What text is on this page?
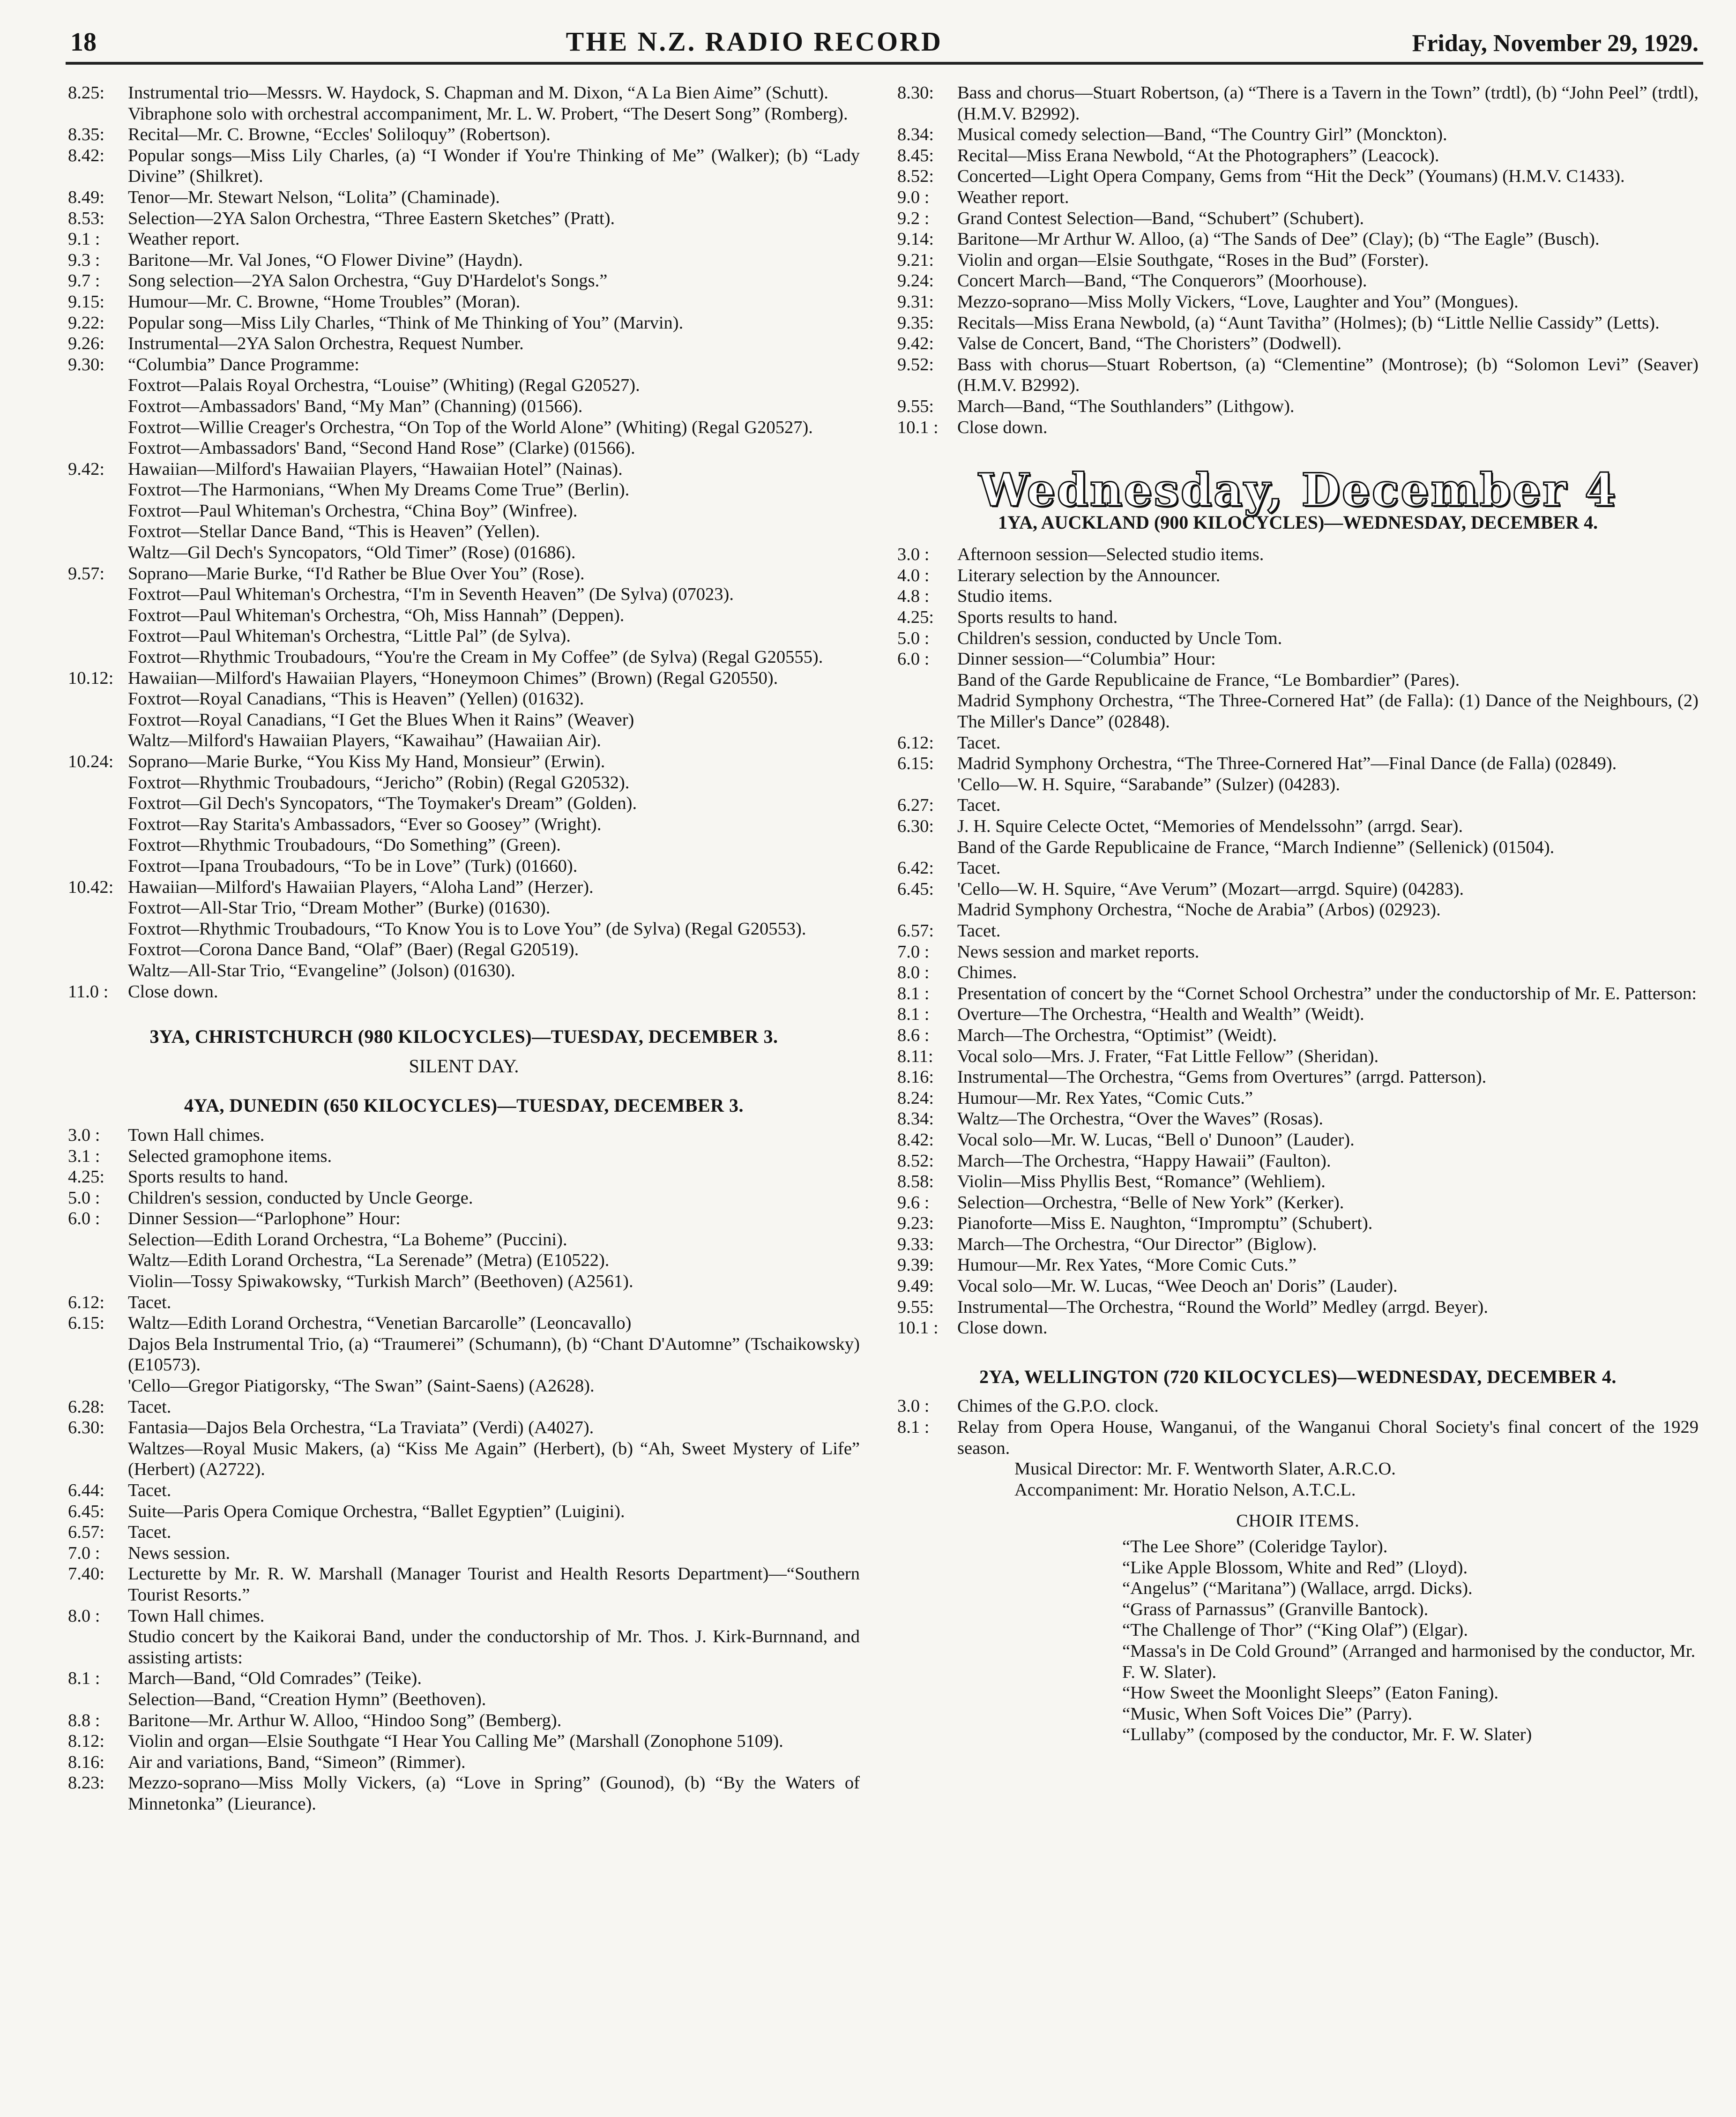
18	THE N.Z. RADIO RECORD	Friday, November 29, 1929.
8.25:	Instrumental trio—Messrs. W. Haydock, S. Chapman and M. Dixon, “A La Bien Aime” (Schutt).
Vibraphone solo with orchestral accompaniment, Mr. L. W. Probert, “The Desert Song” (Romberg).
8.35:	Recital—Mr. C. Browne, “Eccles' Soliloquy” (Robertson).
8.42:	Popular songs—Miss Lily Charles, (a) “I Wonder if You're Thinking of Me” (Walker); (b) “Lady Divine” (Shilkret).
8.49:	Tenor—Mr. Stewart Nelson, “Lolita” (Chaminade).
8.53:	Selection—2YA Salon Orchestra, “Three Eastern Sketches” (Pratt).
9.1 :	Weather report.
9.3 :	Baritone—Mr. Val Jones, “O Flower Divine” (Haydn).
9.7 :	Song selection—2YA Salon Orchestra, “Guy D'Hardelot's Songs.”
9.15:	Humour—Mr. C. Browne, “Home Troubles” (Moran).
9.22:	Popular song—Miss Lily Charles, “Think of Me Thinking of You” (Marvin).
9.26:	Instrumental—2YA Salon Orchestra, Request Number.
9.30:	“Columbia” Dance Programme:
Foxtrot—Palais Royal Orchestra, “Louise” (Whiting) (Regal G20527).
Foxtrot—Ambassadors' Band, “My Man” (Channing) (01566).
Foxtrot—Willie Creager's Orchestra, “On Top of the World Alone” (Whiting) (Regal G20527).
Foxtrot—Ambassadors' Band, “Second Hand Rose” (Clarke) (01566).
9.42:	Hawaiian—Milford's Hawaiian Players, “Hawaiian Hotel” (Nainas).
Foxtrot—The Harmonians, “When My Dreams Come True” (Berlin).
Foxtrot—Paul Whiteman's Orchestra, “China Boy” (Winfree).
Foxtrot—Stellar Dance Band, “This is Heaven” (Yellen).
Waltz—Gil Dech's Syncopators, “Old Timer” (Rose) (01686).
9.57:	Soprano—Marie Burke, “I'd Rather be Blue Over You” (Rose).
Foxtrot—Paul Whiteman's Orchestra, “I'm in Seventh Heaven” (De Sylva) (07023).
Foxtrot—Paul Whiteman's Orchestra, “Oh, Miss Hannah” (Deppen).
Foxtrot—Paul Whiteman's Orchestra, “Little Pal” (de Sylva).
Foxtrot—Rhythmic Troubadours, “You're the Cream in My Coffee” (de Sylva) (Regal G20555).
10.12: Hawaiian—Milford's Hawaiian Players, “Honeymoon Chimes” (Brown) (Regal G20550).
Foxtrot—Royal Canadians, “This is Heaven” (Yellen) (01632).
Foxtrot—Royal Canadians, “I Get the Blues When it Rains” (Weaver)
Waltz—Milford's Hawaiian Players, “Kawaihau” (Hawaiian Air).
10.24: Soprano—Marie Burke, “You Kiss My Hand, Monsieur” (Erwin).
Foxtrot—Rhythmic Troubadours, “Jericho” (Robin) (Regal G20532).
Foxtrot—Gil Dech's Syncopators, “The Toymaker's Dream” (Golden).
Foxtrot—Ray Starita's Ambassadors, “Ever so Goosey” (Wright).
Foxtrot—Rhythmic Troubadours, “Do Something” (Green).
Foxtrot—Ipana Troubadours, “To be in Love” (Turk) (01660).
10.42: Hawaiian—Milford's Hawaiian Players, “Aloha Land” (Herzer).
Foxtrot—All-Star Trio, “Dream Mother” (Burke) (01630).
Foxtrot—Rhythmic Troubadours, “To Know You is to Love You” (de Sylva) (Regal G20553).
Foxtrot—Corona Dance Band, “Olaf” (Baer) (Regal G20519).
Waltz—All-Star Trio, “Evangeline” (Jolson) (01630).
11.0 :	Close down.
3YA, CHRISTCHURCH (980 KILOCYCLES)—TUESDAY, DECEMBER 3.
SILENT DAY.
4YA, DUNEDIN (650 KILOCYCLES)—TUESDAY, DECEMBER 3.
3.0 :	Town Hall chimes.
3.1 :	Selected gramophone items.
4.25:	Sports results to hand.
5.0 :	Children's session, conducted by Uncle George.
6.0 :	Dinner Session—“Parlophone” Hour:
Selection—Edith Lorand Orchestra, “La Boheme” (Puccini).
Waltz—Edith Lorand Orchestra, “La Serenade” (Metra) (E10522).
Violin—Tossy Spiwakowsky, “Turkish March” (Beethoven) (A2561).
6.12:	Tacet.
6.15:	Waltz—Edith Lorand Orchestra, “Venetian Barcarolle” (Leoncavallo)
Dajos Bela Instrumental Trio, (a) “Traumerei” (Schumann), (b) “Chant D'Automne” (Tschaikowsky) (E10573).
'Cello—Gregor Piatigorsky, “The Swan” (Saint-Saens) (A2628).
6.28:	Tacet.
6.30:	Fantasia—Dajos Bela Orchestra, “La Traviata” (Verdi) (A4027).
Waltzes—Royal Music Makers, (a) “Kiss Me Again” (Herbert), (b) “Ah, Sweet Mystery of Life” (Herbert) (A2722).
6.44:	Tacet.
6.45:	Suite—Paris Opera Comique Orchestra, “Ballet Egyptien” (Luigini).
6.57:	Tacet.
7.0 :	News session.
7.40:	Lecturette by Mr. R. W. Marshall (Manager Tourist and Health Resorts Department)—“Southern Tourist Resorts.”
8.0 :	Town Hall chimes.
Studio concert by the Kaikorai Band, under the conductorship of Mr. Thos. J. Kirk-Burnnand, and assisting artists:
8.1 :	March—Band, “Old Comrades” (Teike).
Selection—Band, “Creation Hymn” (Beethoven).
8.8 :	Baritone—Mr. Arthur W. Alloo, “Hindoo Song” (Bemberg).
8.12:	Violin and organ—Elsie Southgate “I Hear You Calling Me” (Marshall (Zonophone 5109).
8.16:	Air and variations, Band, “Simeon” (Rimmer).
8.23:	Mezzo-soprano—Miss Molly Vickers, (a) “Love in Spring” (Gounod), (b) “By the Waters of Minnetonka” (Lieurance).
8.30:	Bass and chorus—Stuart Robertson, (a) “There is a Tavern in the Town” (trdtl), (b) “John Peel” (trdtl), (H.M.V. B2992).
8.34:	Musical comedy selection—Band, “The Country Girl” (Monckton).
8.45:	Recital—Miss Erana Newbold, “At the Photographers” (Leacock).
8.52:	Concerted—Light Opera Company, Gems from “Hit the Deck” (Youmans) (H.M.V. C1433).
9.0 :	Weather report.
9.2 :	Grand Contest Selection—Band, “Schubert” (Schubert).
9.14:	Baritone—Mr Arthur W. Alloo, (a) “The Sands of Dee” (Clay); (b) “The Eagle” (Busch).
9.21:	Violin and organ—Elsie Southgate, “Roses in the Bud” (Forster).
9.24:	Concert March—Band, “The Conquerors” (Moorhouse).
9.31:	Mezzo-soprano—Miss Molly Vickers, “Love, Laughter and You” (Mongues).
9.35:	Recitals—Miss Erana Newbold, (a) “Aunt Tavitha” (Holmes); (b) “Little Nellie Cassidy” (Letts).
9.42:	Valse de Concert, Band, “The Choristers” (Dodwell).
9.52:	Bass with chorus—Stuart Robertson, (a) “Clementine” (Montrose); (b) “Solomon Levi” (Seaver) (H.M.V. B2992).
9.55:	March—Band, “The Southlanders” (Lithgow).
10.1 :	Close down.
Wednesday, December 4
1YA, AUCKLAND (900 KILOCYCLES)—WEDNESDAY, DECEMBER 4.
3.0 :	Afternoon session—Selected studio items.
4.0 :	Literary selection by the Announcer.
4.8 :	Studio items.
4.25:	Sports results to hand.
5.0 :	Children's session, conducted by Uncle Tom.
6.0 :	Dinner session—“Columbia” Hour:
Band of the Garde Republicaine de France, “Le Bombardier” (Pares).
Madrid Symphony Orchestra, “The Three-Cornered Hat” (de Falla): (1) Dance of the Neighbours, (2) The Miller's Dance” (02848).
6.12:	Tacet.
6.15:	Madrid Symphony Orchestra, “The Three-Cornered Hat”—Final Dance (de Falla) (02849).
'Cello—W. H. Squire, “Sarabande” (Sulzer) (04283).
6.27:	Tacet.
6.30:	J. H. Squire Celecte Octet, “Memories of Mendelssohn” (arrgd. Sear).
Band of the Garde Republicaine de France, “March Indienne” (Sellenick) (01504).
6.42:	Tacet.
6.45:	'Cello—W. H. Squire, “Ave Verum” (Mozart—arrgd. Squire) (04283).
Madrid Symphony Orchestra, “Noche de Arabia” (Arbos) (02923).
6.57:	Tacet.
7.0 :	News session and market reports.
8.0 :	Chimes.
8.1 :	Presentation of concert by the “Cornet School Orchestra” under the conductorship of Mr. E. Patterson:
8.1 :	Overture—The Orchestra, “Health and Wealth” (Weidt).
8.6 :	March—The Orchestra, “Optimist” (Weidt).
8.11:	Vocal solo—Mrs. J. Frater, “Fat Little Fellow” (Sheridan).
8.16:	Instrumental—The Orchestra, “Gems from Overtures” (arrgd. Patterson).
8.24:	Humour—Mr. Rex Yates, “Comic Cuts.”
8.34:	Waltz—The Orchestra, “Over the Waves” (Rosas).
8.42:	Vocal solo—Mr. W. Lucas, “Bell o' Dunoon” (Lauder).
8.52:	March—The Orchestra, “Happy Hawaii” (Faulton).
8.58:	Violin—Miss Phyllis Best, “Romance” (Wehliem).
9.6 :	Selection—Orchestra, “Belle of New York” (Kerker).
9.23:	Pianoforte—Miss E. Naughton, “Impromptu” (Schubert).
9.33:	March—The Orchestra, “Our Director” (Biglow).
9.39:	Humour—Mr. Rex Yates, “More Comic Cuts.”
9.49:	Vocal solo—Mr. W. Lucas, “Wee Deoch an' Doris” (Lauder).
9.55:	Instrumental—The Orchestra, “Round the World” Medley (arrgd. Beyer).
10.1 :	Close down.
2YA, WELLINGTON (720 KILOCYCLES)—WEDNESDAY, DECEMBER 4.
3.0 :	Chimes of the G.P.O. clock.
8.1 :	Relay from Opera House, Wanganui, of the Wanganui Choral Society's final concert of the 1929 season.
Musical Director: Mr. F. Wentworth Slater, A.R.C.O.
Accompaniment: Mr. Horatio Nelson, A.T.C.L.
CHOIR ITEMS.
“The Lee Shore” (Coleridge Taylor).
“Like Apple Blossom, White and Red” (Lloyd).
“Angelus” (“Maritana”) (Wallace, arrgd. Dicks).
“Grass of Parnassus” (Granville Bantock).
“The Challenge of Thor” (“King Olaf”) (Elgar).
“Massa's in De Cold Ground” (Arranged and harmonised by the conductor, Mr. F. W. Slater).
“How Sweet the Moonlight Sleeps” (Eaton Faning).
“Music, When Soft Voices Die” (Parry).
“Lullaby” (composed by the conductor, Mr. F. W. Slater)
